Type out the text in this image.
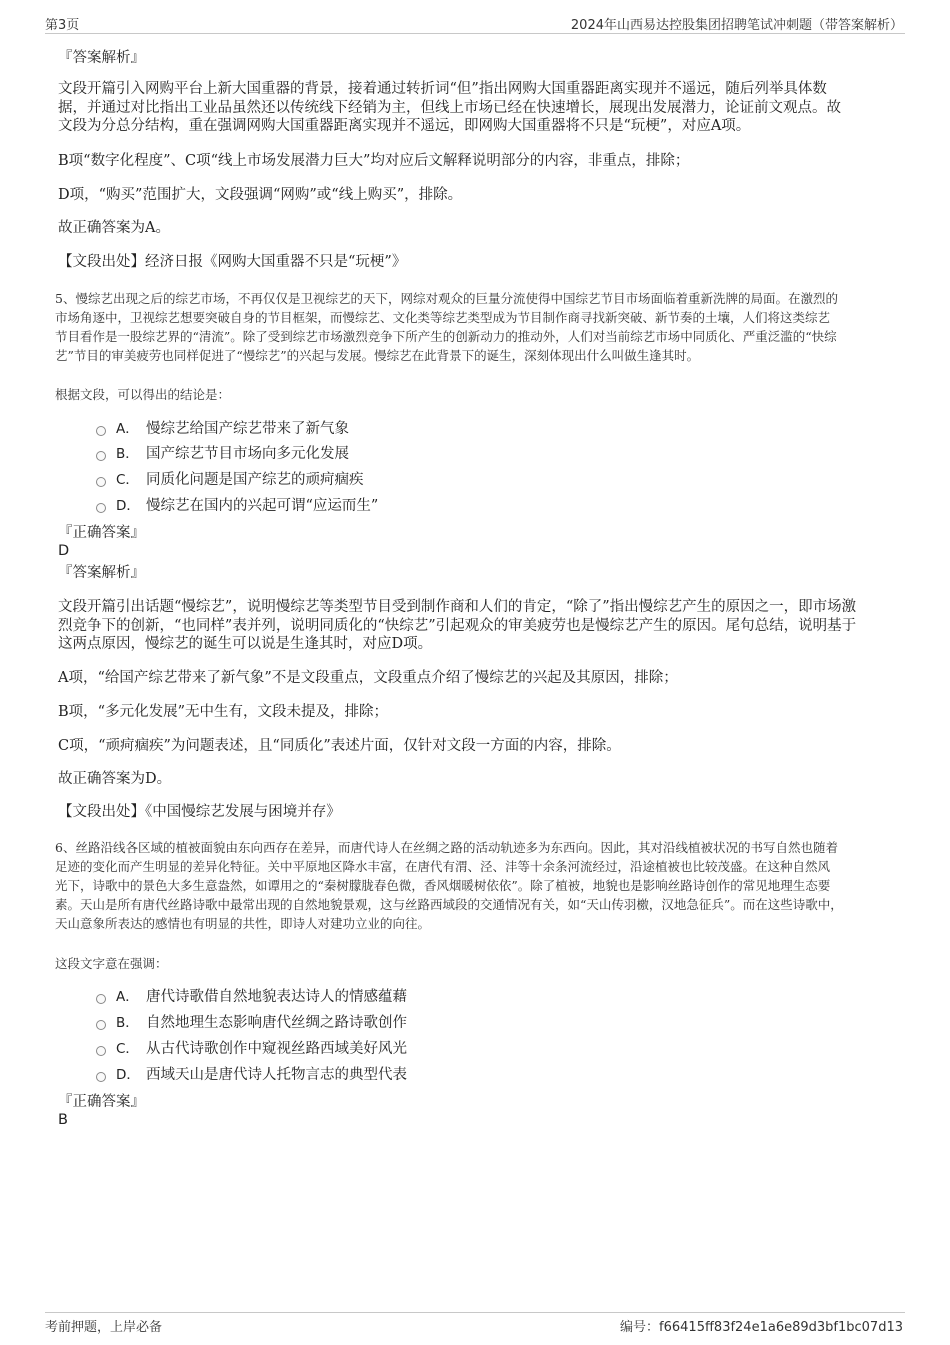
第3页	2024年山西易达控股集团招聘笔试冲刺题（带答案解析）
『答案解析』
文段开篇引入网购平台上新大国重器的背景，接着通过转折词“但”指出网购大国重器距离实现并不遥远，随后列举具体数
据，并通过对比指出工业品虽然还以传统线下经销为主，但线上市场已经在快速增长，展现出发展潜力，论证前文观点。故
文段为分总分结构，重在强调网购大国重器距离实现并不遥远，即网购大国重器将不只是“玩梗”，对应A项。
B项“数字化程度”、C项“线上市场发展潜力巨大”均对应后文解释说明部分的内容，非重点，排除；
D项，“购买”范围扩大，文段强调“网购”或“线上购买”，排除。
故正确答案为A。
【文段出处】经济日报《网购大国重器不只是“玩梗”》
5、慢综艺出现之后的综艺市场，不再仅仅是卫视综艺的天下，网综对观众的巨量分流使得中国综艺节目市场面临着重新洗牌的局面。在激烈的
市场角逐中，卫视综艺想要突破自身的节目框架，而慢综艺、文化类等综艺类型成为节目制作商寻找新突破、新节奏的土壤，人们将这类综艺
节目看作是一股综艺界的“清流”。除了受到综艺市场激烈竞争下所产生的创新动力的推动外，人们对当前综艺市场中同质化、严重泛滥的“快综
艺”节目的审美疲劳也同样促进了“慢综艺”的兴起与发展。慢综艺在此背景下的诞生，深刻体现出什么叫做生逢其时。
根据文段，可以得出的结论是：
A． 慢综艺给国产综艺带来了新气象
B． 国产综艺节目市场向多元化发展
C． 同质化问题是国产综艺的顽疴痼疾
D． 慢综艺在国内的兴起可谓“应运而生”
『正确答案』
D
『答案解析』
文段开篇引出话题“慢综艺”，说明慢综艺等类型节目受到制作商和人们的肯定，“除了”指出慢综艺产生的原因之一，即市场激
烈竞争下的创新，“也同样”表并列，说明同质化的“快综艺”引起观众的审美疲劳也是慢综艺产生的原因。尾句总结，说明基于
这两点原因，慢综艺的诞生可以说是生逢其时，对应D项。
A项，“给国产综艺带来了新气象”不是文段重点，文段重点介绍了慢综艺的兴起及其原因，排除；
B项，“多元化发展”无中生有，文段未提及，排除；
C项，“顽疴痼疾”为问题表述，且“同质化”表述片面，仅针对文段一方面的内容，排除。
故正确答案为D。
【文段出处】《中国慢综艺发展与困境并存》
6、丝路沿线各区域的植被面貌由东向西存在差异，而唐代诗人在丝绸之路的活动轨迹多为东西向。因此，其对沿线植被状况的书写自然也随着
足迹的变化而产生明显的差异化特征。关中平原地区降水丰富，在唐代有渭、泾、沣等十余条河流经过，沿途植被也比较茂盛。在这种自然风
光下，诗歌中的景色大多生意盎然，如谭用之的“秦树朦胧春色微，香风烟暖树依依”。除了植被，地貌也是影响丝路诗创作的常见地理生态要
素。天山是所有唐代丝路诗歌中最常出现的自然地貌景观，这与丝路西域段的交通情况有关，如“天山传羽檄，汉地急征兵”。而在这些诗歌中，
天山意象所表达的感情也有明显的共性，即诗人对建功立业的向往。
这段文字意在强调：
A． 唐代诗歌借自然地貌表达诗人的情感蕴藉
B． 自然地理生态影响唐代丝绸之路诗歌创作
C． 从古代诗歌创作中窥视丝路西域美好风光
D． 西域天山是唐代诗人托物言志的典型代表
『正确答案』
B
考前押题，上岸必备	编号：f66415ff83f24e1a6e89d3bf1bc07d13
